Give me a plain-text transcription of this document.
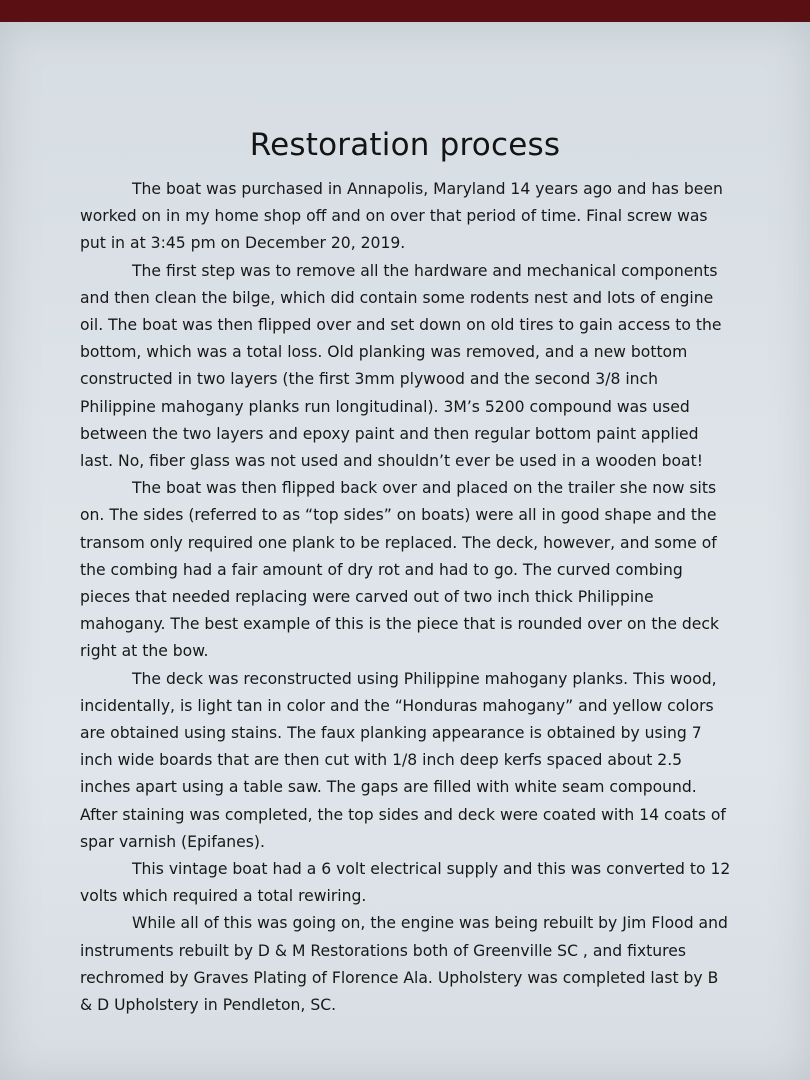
Restoration process

The boat was purchased in Annapolis, Maryland 14 years ago and has been worked on in my home shop off and on over that period of time. Final screw was put in at 3:45 pm on December 20, 2019.

The first step was to remove all the hardware and mechanical components and then clean the bilge, which did contain some rodents nest and lots of engine oil. The boat was then flipped over and set down on old tires to gain access to the bottom, which was a total loss. Old planking was removed, and a new bottom constructed in two layers (the first 3mm plywood and the second 3/8 inch Philippine mahogany planks run longitudinal). 3M’s 5200 compound was used between the two layers and epoxy paint and then regular bottom paint applied last. No, fiber glass was not used and shouldn’t ever be used in a wooden boat!

The boat was then flipped back over and placed on the trailer she now sits on. The sides (referred to as “top sides” on boats) were all in good shape and the transom only required one plank to be replaced. The deck, however, and some of the combing had a fair amount of dry rot and had to go. The curved combing pieces that needed replacing were carved out of two inch thick Philippine mahogany. The best example of this is the piece that is rounded over on the deck right at the bow.

The deck was reconstructed using Philippine mahogany planks. This wood, incidentally, is light tan in color and the “Honduras mahogany” and yellow colors are obtained using stains. The faux planking appearance is obtained by using 7 inch wide boards that are then cut with 1/8 inch deep kerfs spaced about 2.5 inches apart using a table saw. The gaps are filled with white seam compound. After staining was completed, the top sides and deck were coated with 14 coats of spar varnish (Epifanes).

This vintage boat had a 6 volt electrical supply and this was converted to 12 volts which required a total rewiring.

While all of this was going on, the engine was being rebuilt by Jim Flood and instruments rebuilt by D & M Restorations both of Greenville SC , and fixtures rechromed by Graves Plating of Florence Ala. Upholstery was completed last by B & D Upholstery in Pendleton, SC.
